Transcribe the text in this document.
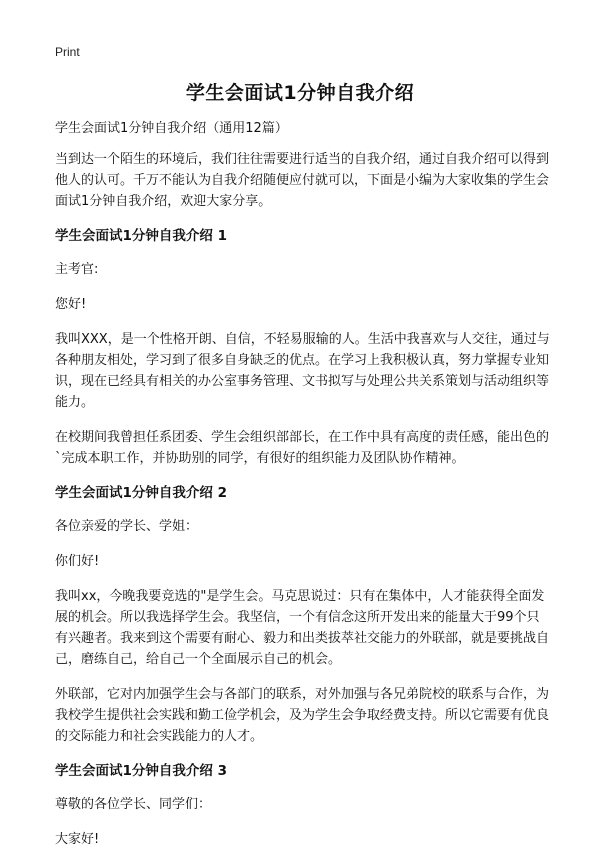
Print
学生会面试1分钟自我介绍

学生会面试1分钟自我介绍（通用12篇）

当到达一个陌生的环境后，我们往往需要进行适当的自我介绍，通过自我介绍可以得到他人的认可。千万不能认为自我介绍随便应付就可以，下面是小编为大家收集的学生会面试1分钟自我介绍，欢迎大家分享。

学生会面试1分钟自我介绍 1

主考官:

您好!

我叫XXX，是一个性格开朗、自信，不轻易服输的人。生活中我喜欢与人交往，通过与各种朋友相处，学习到了很多自身缺乏的优点。在学习上我积极认真，努力掌握专业知识，现在已经具有相关的办公室事务管理、文书拟写与处理公共关系策划与活动组织等能力。

在校期间我曾担任系团委、学生会组织部部长，在工作中具有高度的责任感，能出色的`完成本职工作，并协助别的同学，有很好的组织能力及团队协作精神。

学生会面试1分钟自我介绍 2

各位亲爱的学长、学姐：

你们好!

我叫xx，今晚我要竞选的"是学生会。马克思说过：只有在集体中，人才能获得全面发展的机会。所以我选择学生会。我坚信，一个有信念这所开发出来的能量大于99个只有兴趣者。我来到这个需要有耐心、毅力和出类拔萃社交能力的外联部，就是要挑战自己，磨练自己，给自己一个全面展示自己的机会。

外联部，它对内加强学生会与各部门的联系，对外加强与各兄弟院校的联系与合作，为我校学生提供社会实践和勤工俭学机会，及为学生会争取经费支持。所以它需要有优良的交际能力和社会实践能力的人才。

学生会面试1分钟自我介绍 3

尊敬的各位学长、同学们：

大家好!
